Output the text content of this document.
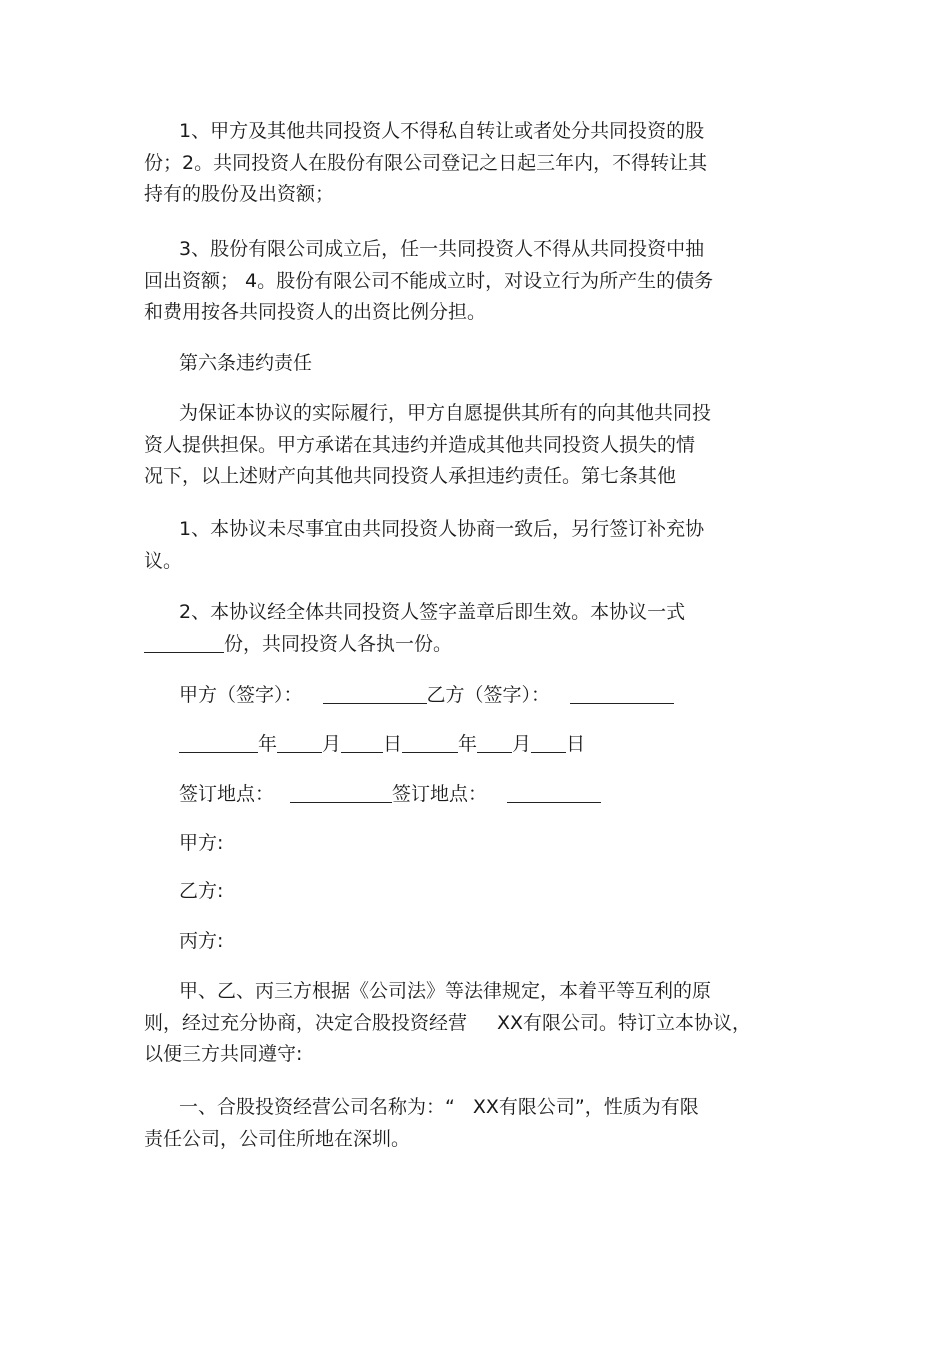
1、甲方及其他共同投资人不得私自转让或者处分共同投资的股
份；2。共同投资人在股份有限公司登记之日起三年内，不得转让其
持有的股份及出资额；
3、股份有限公司成立后，任一共同投资人不得从共同投资中抽
回出资额； 4。股份有限公司不能成立时，对设立行为所产生的债务
和费用按各共同投资人的出资比例分担。
第六条违约责任
为保证本协议的实际履行，甲方自愿提供其所有的向其他共同投
资人提供担保。甲方承诺在其违约并造成其他共同投资人损失的情
况下，以上述财产向其他共同投资人承担违约责任。第七条其他
1、本协议未尽事宜由共同投资人协商一致后，另行签订补充协
议。
2、本协议经全体共同投资人签字盖章后即生效。本协议一式
份，共同投资人各执一份。
甲方（签字）：	乙方（签字）：
年 月 日	年 月 日
签订地点：	签订地点：
甲方:
乙方:
丙方:
甲、乙、丙三方根据《公司法》等法律规定，本着平等互利的原
则，经过充分协商，决定合股投资经营 XX有限公司。特订立本协议，
以便三方共同遵守:
一、合股投资经营公司名称为：“ XX有限公司”，性质为有限
责任公司，公司住所地在深圳。
